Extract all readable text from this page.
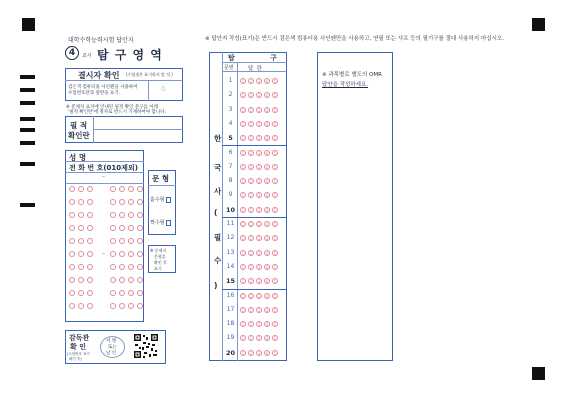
대학수학능력시험 답안지
4	교시 탐 구 영 역
※ 답안지 작성(표기)은 반드시 검은색 컴퓨터용 사인펜만을 사용하고, 연필 또는 샤프 등의 필기구를 절대 사용하지 마십시오.
결시자 확인 (수험생은 표기하지 말 것.)
검은색 컴퓨터용 사인펜을 사용하여
수험번호란과 옆란을 표기.
0
※ 문제지 표지에 안내된 필적 확인 문구를 아래
'필적 확인란'에 정자로 반드시 기재하여야 합니다.
필 적
확인란
성 명
전 화 번 호(010제외)
–
–
문 형
홀수형
짝수형
※ 문제지
문형을
확인 후
표기
감독관
확 인
(수험번호 표기
확인 후)
서 명
또는
날 인
탐	구
문번	답  란
한
국
사
(
필
수
)
1	1	2	3	4	5
2	1	2	3	4	5
3	1	2	3	4	5
4	1	2	3	4	5
5	1	2	3	4	5
6	1	2	3	4	5
7	1	2	3	4	5
8	1	2	3	4	5
9	1	2	3	4	5
10	1	2	3	4	5
11	1	2	3	4	5
12	1	2	3	4	5
13	1	2	3	4	5
14	1	2	3	4	5
15	1	2	3	4	5
16	1	2	3	4	5
17	1	2	3	4	5
18	1	2	3	4	5
19	1	2	3	4	5
20	1	2	3	4	5
※ 과목별로 별도의 OMR
답안을 작성하세요.
